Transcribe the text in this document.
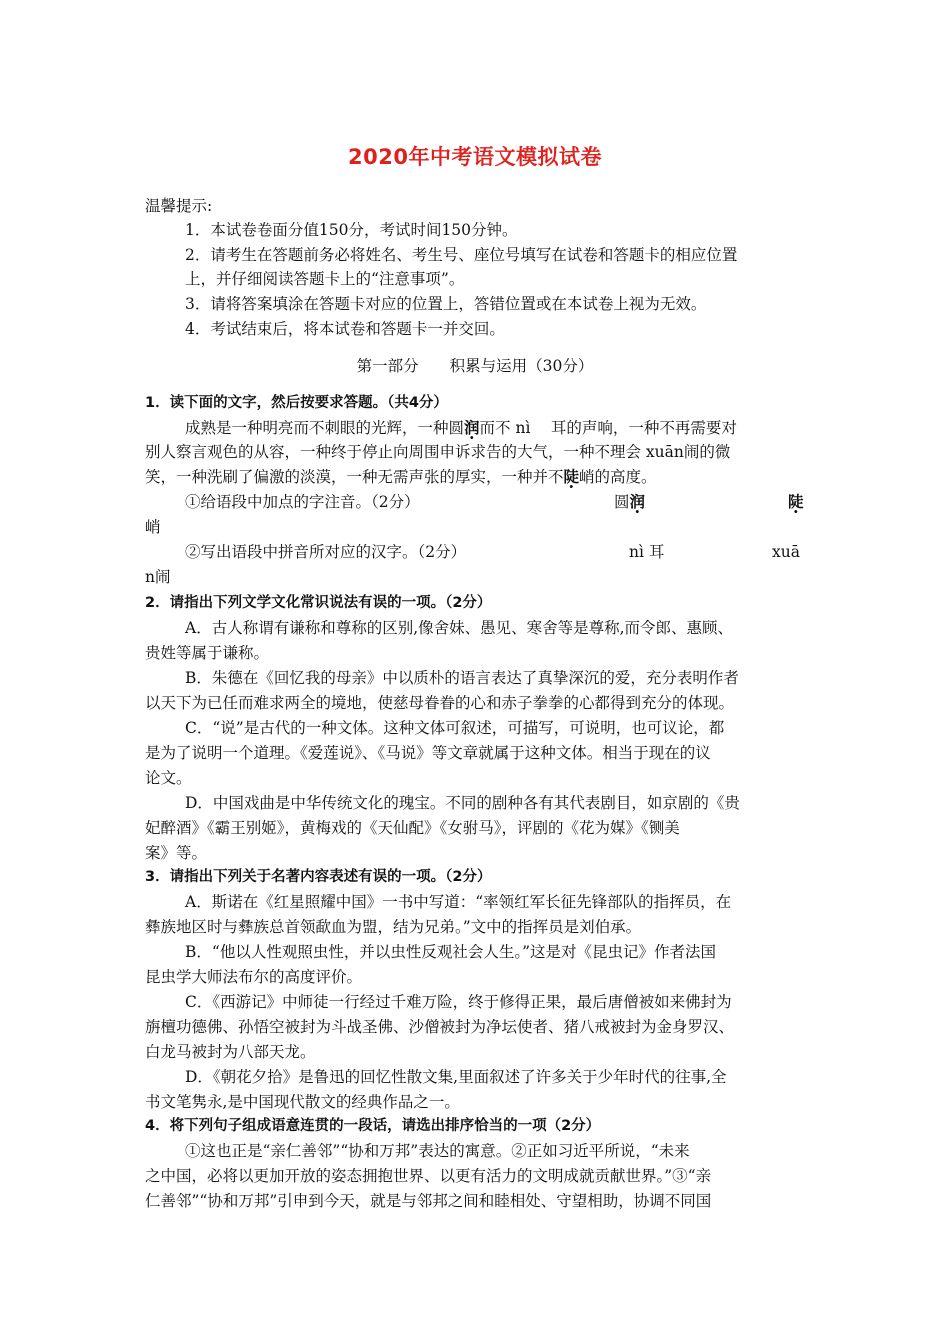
2020年中考语文模拟试卷
温馨提示:
1．本试卷卷面分值150分，考试时间150分钟。
2．请考生在答题前务必将姓名、考生号、座位号填写在试卷和答题卡的相应位置
上，并仔细阅读答题卡上的“注意事项”。
3．请将答案填涂在答题卡对应的位置上，答错位置或在本试卷上视为无效。
4．考试结束后，将本试卷和答题卡一并交回。
第一部分　　积累与运用（30分）
1．读下面的文字，然后按要求答题。（共4分）
成熟是一种明亮而不刺眼的光辉，一种圆润而不 nì　 耳的声响，一种不再需要对
别人察言观色的从容，一种终于停止向周围申诉求告的大气，一种不理会 xuān闹的微
笑，一种洗刷了偏激的淡漠，一种无需声张的厚实，一种并不陡峭的高度。
①给语段中加点的字注音。（2分）	圆润	陡
峭
②写出语段中拼音所对应的汉字。（2分）	nì 耳	xuā
n闹
2．请指出下列文学文化常识说法有误的一项。（2分）
A．古人称谓有谦称和尊称的区别,像舍妹、愚见、寒舍等是尊称,而令郎、惠顾、
贵姓等属于谦称。
B．朱德在《回忆我的母亲》中以质朴的语言表达了真挚深沉的爱，充分表明作者
以天下为已任而难求两全的境地，使慈母眷眷的心和赤子拳拳的心都得到充分的体现。
C．“说”是古代的一种文体。这种文体可叙述，可描写，可说明，也可议论，都
是为了说明一个道理。《爱莲说》、《马说》等文章就属于这种文体。相当于现在的议
论文。
D．中国戏曲是中华传统文化的瑰宝。不同的剧种各有其代表剧目，如京剧的《贵
妃醉酒》《霸王别姬》，黄梅戏的《天仙配》《女驸马》，评剧的《花为媒》《铡美
案》等。
3．请指出下列关于名著内容表述有误的一项。（2分）
A．斯诺在《红星照耀中国》一书中写道：“率领红军长征先锋部队的指挥员，在
彝族地区时与彝族总首领歃血为盟，结为兄弟。”文中的指挥员是刘伯承。
B．“他以人性观照虫性，并以虫性反观社会人生。”这是对《昆虫记》作者法国
昆虫学大师法布尔的高度评价。
C．《西游记》中师徒一行经过千难万险，终于修得正果，最后唐僧被如来佛封为
旃檀功德佛、孙悟空被封为斗战圣佛、沙僧被封为净坛使者、猪八戒被封为金身罗汉、
白龙马被封为八部天龙。
D．《朝花夕拾》是鲁迅的回忆性散文集,里面叙述了许多关于少年时代的往事,全
书文笔隽永,是中国现代散文的经典作品之一。
4．将下列句子组成语意连贯的一段话，请选出排序恰当的一项（2分）
①这也正是“亲仁善邻”“协和万邦”表达的寓意。②正如习近平所说，“未来
之中国，必将以更加开放的姿态拥抱世界、以更有活力的文明成就贡献世界。”③“亲
仁善邻”“协和万邦”引申到今天，就是与邻邦之间和睦相处、守望相助，协调不同国
